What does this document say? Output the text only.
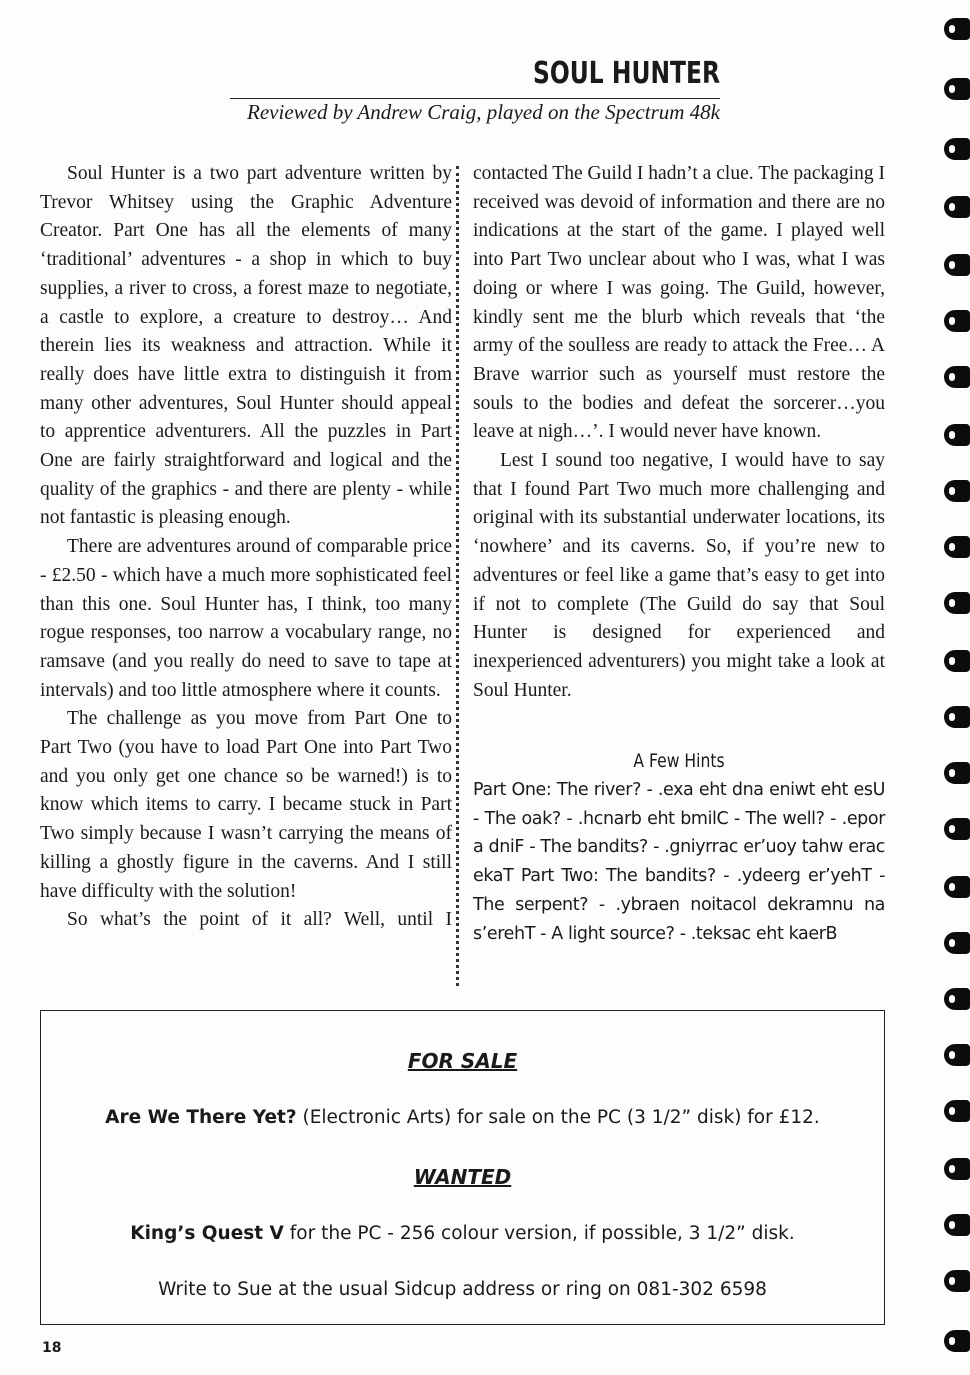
SOUL HUNTER
Reviewed by Andrew Craig, played on the Spectrum 48k

Soul Hunter is a two part adventure written by Trevor Whitsey using the Graphic Adventure Creator. Part One has all the elements of many ‘traditional’ adventures - a shop in which to buy supplies, a river to cross, a forest maze to negotiate, a castle to explore, a creature to destroy… And therein lies its weakness and attraction. While it really does have little extra to distinguish it from many other adventures, Soul Hunter should appeal to apprentice adventurers. All the puzzles in Part One are fairly straightforward and logical and the quality of the graphics - and there are plenty - while not fantastic is pleasing enough.

There are adventures around of comparable price - £2.50 - which have a much more sophisticated feel than this one. Soul Hunter has, I think, too many rogue responses, too narrow a vocabulary range, no ramsave (and you really do need to save to tape at intervals) and too little atmosphere where it counts.

The challenge as you move from Part One to Part Two (you have to load Part One into Part Two and you only get one chance so be warned!) is to know which items to carry. I became stuck in Part Two simply because I wasn’t carrying the means of killing a ghostly figure in the caverns. And I still have difficulty with the solution!

So what’s the point of it all? Well, until I

contacted The Guild I hadn’t a clue. The packaging I received was devoid of information and there are no indications at the start of the game. I played well into Part Two unclear about who I was, what I was doing or where I was going. The Guild, however, kindly sent me the blurb which reveals that ‘the army of the soulless are ready to attack the Free… A Brave warrior such as yourself must restore the souls to the bodies and defeat the sorcerer…you leave at nigh…’. I would never have known.

Lest I sound too negative, I would have to say that I found Part Two much more challenging and original with its substantial underwater locations, its ‘nowhere’ and its caverns. So, if you’re new to adventures or feel like a game that’s easy to get into if not to complete (The Guild do say that Soul Hunter is designed for experienced and inexperienced adventurers) you might take a look at Soul Hunter.

A Few Hints

Part One: The river? - .exa eht dna eniwt eht esU - The oak? - .hcnarb eht bmilC - The well? - .epor a dniF - The bandits? - .gniyrrac er’uoy tahw erac ekaT Part Two: The bandits? - .ydeerg er’yehT - The serpent? - .ybraen noitacol dekramnu na s’erehT - A light source? - .teksac eht kaerB

FOR SALE
Are We There Yet? (Electronic Arts) for sale on the PC (3 1/2” disk) for £12.
WANTED
King’s Quest V for the PC - 256 colour version, if possible, 3 1/2” disk.
Write to Sue at the usual Sidcup address or ring on 081-302 6598
18
